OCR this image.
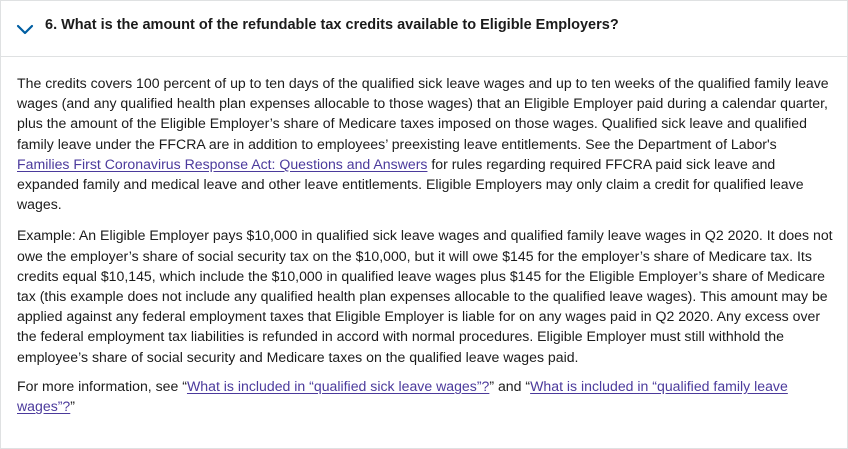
6. What is the amount of the refundable tax credits available to Eligible Employers?

The credits covers 100 percent of up to ten days of the qualified sick leave wages and up to ten weeks of the qualified family leave wages (and any qualified health plan expenses allocable to those wages) that an Eligible Employer paid during a calendar quarter, plus the amount of the Eligible Employer’s share of Medicare taxes imposed on those wages. Qualified sick leave and qualified family leave under the FFCRA are in addition to employees’ preexisting leave entitlements. See the Department of Labor's Families First Coronavirus Response Act: Questions and Answers for rules regarding required FFCRA paid sick leave and expanded family and medical leave and other leave entitlements. Eligible Employers may only claim a credit for qualified leave wages.

Example: An Eligible Employer pays $10,000 in qualified sick leave wages and qualified family leave wages in Q2 2020. It does not owe the employer’s share of social security tax on the $10,000, but it will owe $145 for the employer’s share of Medicare tax. Its credits equal $10,145, which include the $10,000 in qualified leave wages plus $145 for the Eligible Employer’s share of Medicare tax (this example does not include any qualified health plan expenses allocable to the qualified leave wages). This amount may be applied against any federal employment taxes that Eligible Employer is liable for on any wages paid in Q2 2020. Any excess over the federal employment tax liabilities is refunded in accord with normal procedures. Eligible Employer must still withhold the employee’s share of social security and Medicare taxes on the qualified leave wages paid.

For more information, see “What is included in “qualified sick leave wages”?” and “What is included in “qualified family leave wages”?”
